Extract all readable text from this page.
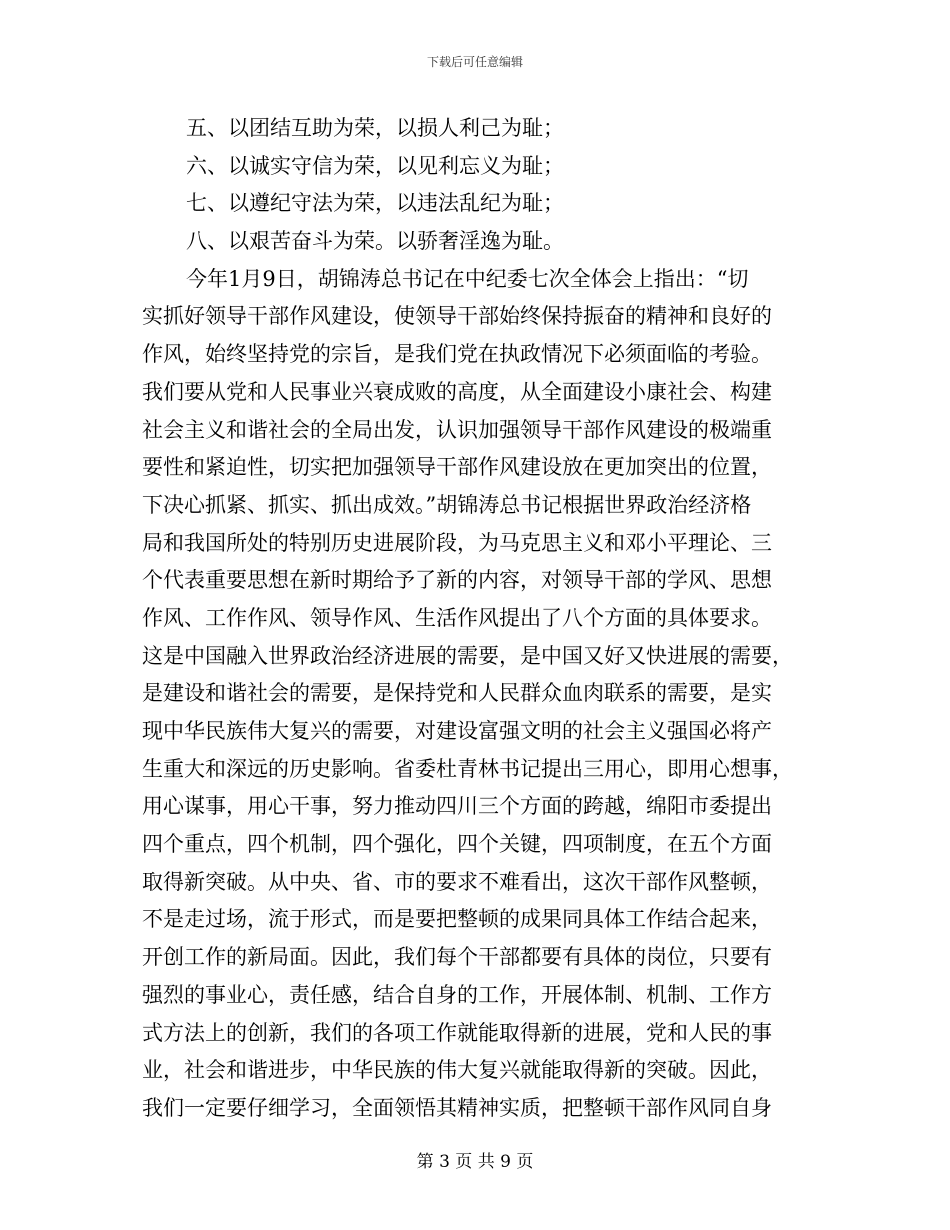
下载后可任意编辑
五、以团结互助为荣，以损人利己为耻；
六、以诚实守信为荣，以见利忘义为耻；
七、以遵纪守法为荣，以违法乱纪为耻；
八、以艰苦奋斗为荣。以骄奢淫逸为耻。
今年1月9日，胡锦涛总书记在中纪委七次全体会上指出：“切
实抓好领导干部作风建设，使领导干部始终保持振奋的精神和良好的
作风，始终坚持党的宗旨，是我们党在执政情况下必须面临的考验。
我们要从党和人民事业兴衰成败的高度，从全面建设小康社会、构建
社会主义和谐社会的全局出发，认识加强领导干部作风建设的极端重
要性和紧迫性，切实把加强领导干部作风建设放在更加突出的位置，
下决心抓紧、抓实、抓出成效。”胡锦涛总书记根据世界政治经济格
局和我国所处的特别历史进展阶段，为马克思主义和邓小平理论、三
个代表重要思想在新时期给予了新的内容，对领导干部的学风、思想
作风、工作作风、领导作风、生活作风提出了八个方面的具体要求。
这是中国融入世界政治经济进展的需要，是中国又好又快进展的需要，
是建设和谐社会的需要，是保持党和人民群众血肉联系的需要，是实
现中华民族伟大复兴的需要，对建设富强文明的社会主义强国必将产
生重大和深远的历史影响。省委杜青林书记提出三用心，即用心想事，
用心谋事，用心干事，努力推动四川三个方面的跨越，绵阳市委提出
四个重点，四个机制，四个强化，四个关键，四项制度，在五个方面
取得新突破。从中央、省、市的要求不难看出，这次干部作风整顿，
不是走过场，流于形式，而是要把整顿的成果同具体工作结合起来，
开创工作的新局面。因此，我们每个干部都要有具体的岗位，只要有
强烈的事业心，责任感，结合自身的工作，开展体制、机制、工作方
式方法上的创新，我们的各项工作就能取得新的进展，党和人民的事
业，社会和谐进步，中华民族的伟大复兴就能取得新的突破。因此，
我们一定要仔细学习，全面领悟其精神实质，把整顿干部作风同自身
第 3 页 共 9 页
